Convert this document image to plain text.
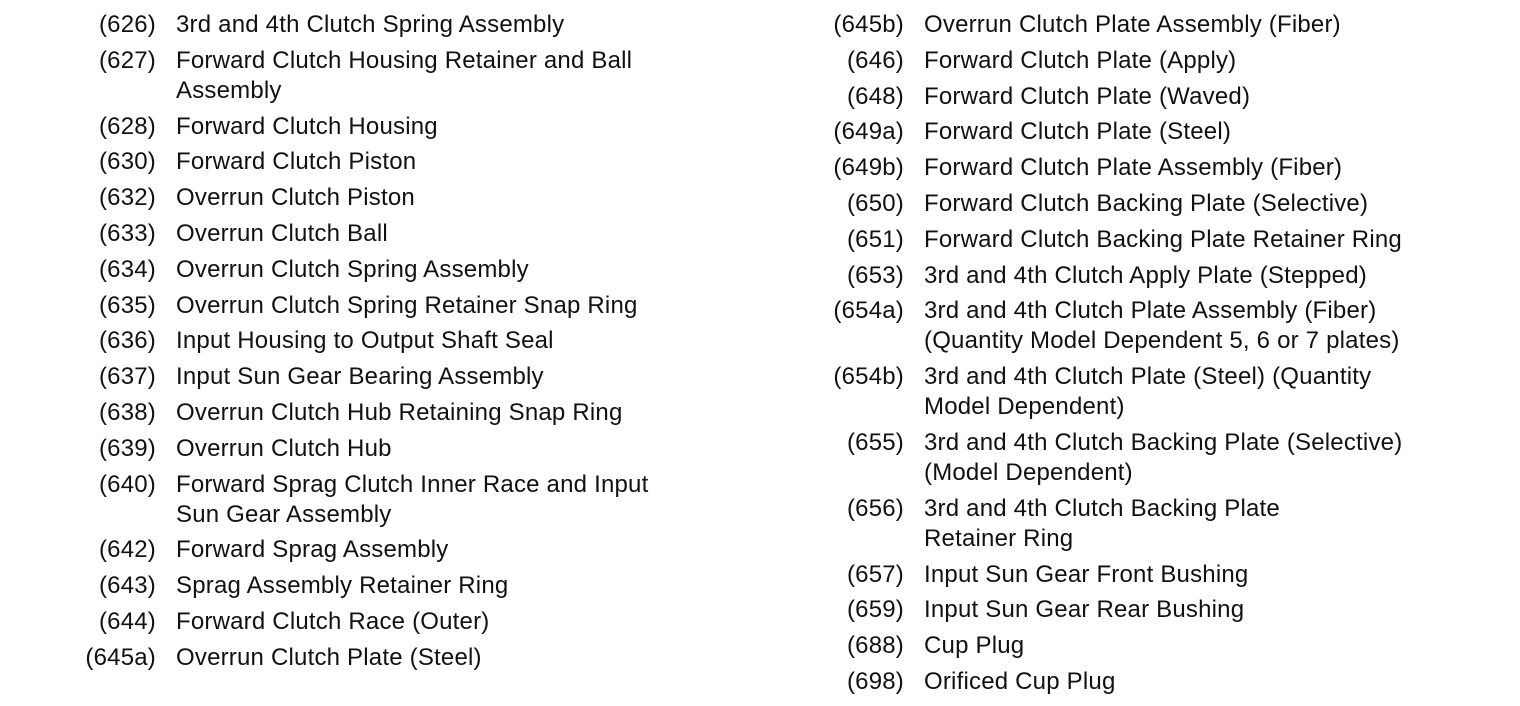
(626) 3rd and 4th Clutch Spring Assembly
(627) Forward Clutch Housing Retainer and Ball
Assembly
(628) Forward Clutch Housing
(630) Forward Clutch Piston
(632) Overrun Clutch Piston
(633) Overrun Clutch Ball
(634) Overrun Clutch Spring Assembly
(635) Overrun Clutch Spring Retainer Snap Ring
(636) Input Housing to Output Shaft Seal
(637) Input Sun Gear Bearing Assembly
(638) Overrun Clutch Hub Retaining Snap Ring
(639) Overrun Clutch Hub
(640) Forward Sprag Clutch Inner Race and Input
Sun Gear Assembly
(642) Forward Sprag Assembly
(643) Sprag Assembly Retainer Ring
(644) Forward Clutch Race (Outer)
(645a) Overrun Clutch Plate (Steel)
(645b) Overrun Clutch Plate Assembly (Fiber)
(646) Forward Clutch Plate (Apply)
(648) Forward Clutch Plate (Waved)
(649a) Forward Clutch Plate (Steel)
(649b) Forward Clutch Plate Assembly (Fiber)
(650) Forward Clutch Backing Plate (Selective)
(651) Forward Clutch Backing Plate Retainer Ring
(653) 3rd and 4th Clutch Apply Plate (Stepped)
(654a) 3rd and 4th Clutch Plate Assembly (Fiber)
(Quantity Model Dependent 5, 6 or 7 plates)
(654b) 3rd and 4th Clutch Plate (Steel) (Quantity
Model Dependent)
(655) 3rd and 4th Clutch Backing Plate (Selective)
(Model Dependent)
(656) 3rd and 4th Clutch Backing Plate
Retainer Ring
(657) Input Sun Gear Front Bushing
(659) Input Sun Gear Rear Bushing
(688) Cup Plug
(698) Orificed Cup Plug
